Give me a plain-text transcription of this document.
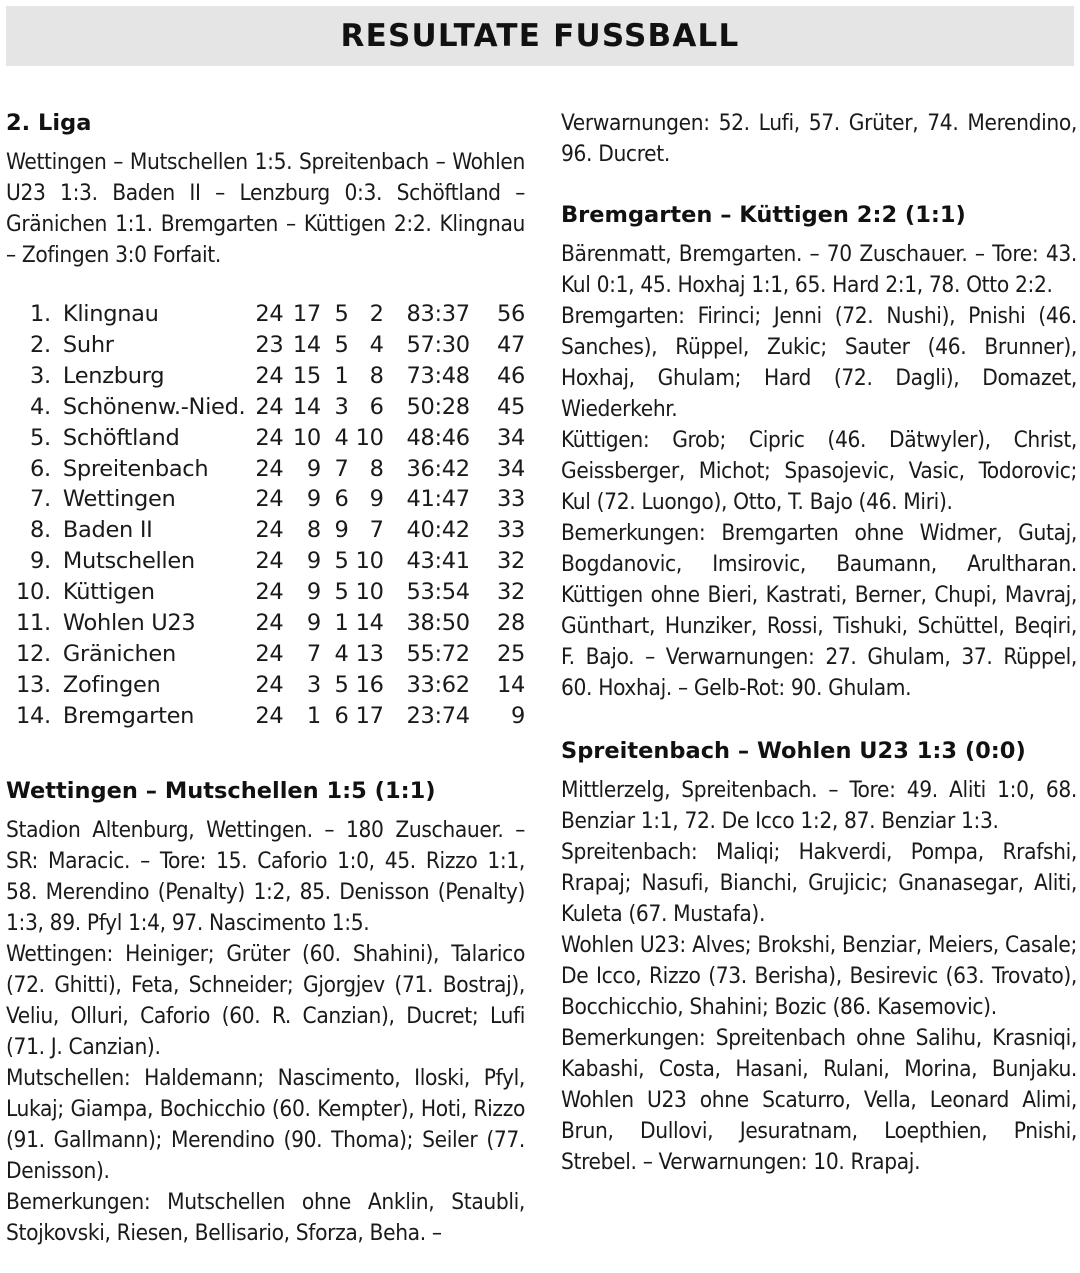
RESULTATE FUSSBALL
2. Liga

Wettingen – Mutschellen 1:5. Spreitenbach – Wohlen U23 1:3. Baden II – Lenzburg 0:3. Schöftland – Gränichen 1:1. Bremgarten – Küttigen 2:2. Klingnau – Zofingen 3:0 Forfait.

1.	Klingnau	24	17	5	2	83:37	56
2.	Suhr	23	14	5	4	57:30	47
3.	Lenzburg	24	15	1	8	73:48	46
4.	Schönenw.-Nied.	24	14	3	6	50:28	45
5.	Schöftland	24	10	4	10	48:46	34
6.	Spreitenbach	24	9	7	8	36:42	34
7.	Wettingen	24	9	6	9	41:47	33
8.	Baden II	24	8	9	7	40:42	33
9.	Mutschellen	24	9	5	10	43:41	32
10.	Küttigen	24	9	5	10	53:54	32
11.	Wohlen U23	24	9	1	14	38:50	28
12.	Gränichen	24	7	4	13	55:72	25
13.	Zofingen	24	3	5	16	33:62	14
14.	Bremgarten	24	1	6	17	23:74	9
Wettingen – Mutschellen 1:5 (1:1)

Stadion Altenburg, Wettingen. – 180 Zuschauer. – SR: Maracic. – Tore: 15. Caforio 1:0, 45. Rizzo 1:1, 58. Merendino (Penalty) 1:2, 85. Denisson (Penalty) 1:3, 89. Pfyl 1:4, 97. Nascimento 1:5.

Wettingen: Heiniger; Grüter (60. Shahini), Talarico (72. Ghitti), Feta, Schneider; Gjorgjev (71. Bostraj), Veliu, Olluri, Caforio (60. R. Canzian), Ducret; Lufi (71. J. Canzian).

Mutschellen: Haldemann; Nascimento, Iloski, Pfyl, Lukaj; Giampa, Bochicchio (60. Kempter), Hoti, Rizzo (91. Gallmann); Merendino (90. Thoma); Seiler (77. Denisson).

Bemerkungen: Mutschellen ohne Anklin, Staubli, Stojkovski, Riesen, Bellisario, Sforza, Beha. –

Verwarnungen: 52. Lufi, 57. Grüter, 74. Merendino, 96. Ducret.

Bremgarten – Küttigen 2:2 (1:1)

Bärenmatt, Bremgarten. – 70 Zuschauer. – Tore: 43. Kul 0:1, 45. Hoxhaj 1:1, 65. Hard 2:1, 78. Otto 2:2.

Bremgarten: Firinci; Jenni (72. Nushi), Pnishi (46. Sanches), Rüppel, Zukic; Sauter (46. Brunner), Hoxhaj, Ghulam; Hard (72. Dagli), Domazet, Wiederkehr.

Küttigen: Grob; Cipric (46. Dätwyler), Christ, Geissberger, Michot; Spasojevic, Vasic, Todorovic; Kul (72. Luongo), Otto, T. Bajo (46. Miri).

Bemerkungen: Bremgarten ohne Widmer, Gutaj, Bogdanovic, Imsirovic, Baumann, Arultharan. Küttigen ohne Bieri, Kastrati, Berner, Chupi, Mavraj, Günthart, Hunziker, Rossi, Tishuki, Schüttel, Beqiri, F. Bajo. – Verwarnungen: 27. Ghulam, 37. Rüppel, 60. Hoxhaj. – Gelb-Rot: 90. Ghulam.

Spreitenbach – Wohlen U23 1:3 (0:0)

Mittlerzelg, Spreitenbach. – Tore: 49. Aliti 1:0, 68. Benziar 1:1, 72. De Icco 1:2, 87. Benziar 1:3.

Spreitenbach: Maliqi; Hakverdi, Pompa, Rrafshi, Rrapaj; Nasufi, Bianchi, Grujicic; Gnanasegar, Aliti, Kuleta (67. Mustafa).

Wohlen U23: Alves; Brokshi, Benziar, Meiers, Casale; De Icco, Rizzo (73. Berisha), Besirevic (63. Trovato), Bocchicchio, Shahini; Bozic (86. Kasemovic).

Bemerkungen: Spreitenbach ohne Salihu, Krasniqi, Kabashi, Costa, Hasani, Rulani, Morina, Bunjaku. Wohlen U23 ohne Scaturro, Vella, Leonard Alimi, Brun, Dullovi, Jesuratnam, Loepthien, Pnishi, Strebel. – Verwarnungen: 10. Rrapaj.
